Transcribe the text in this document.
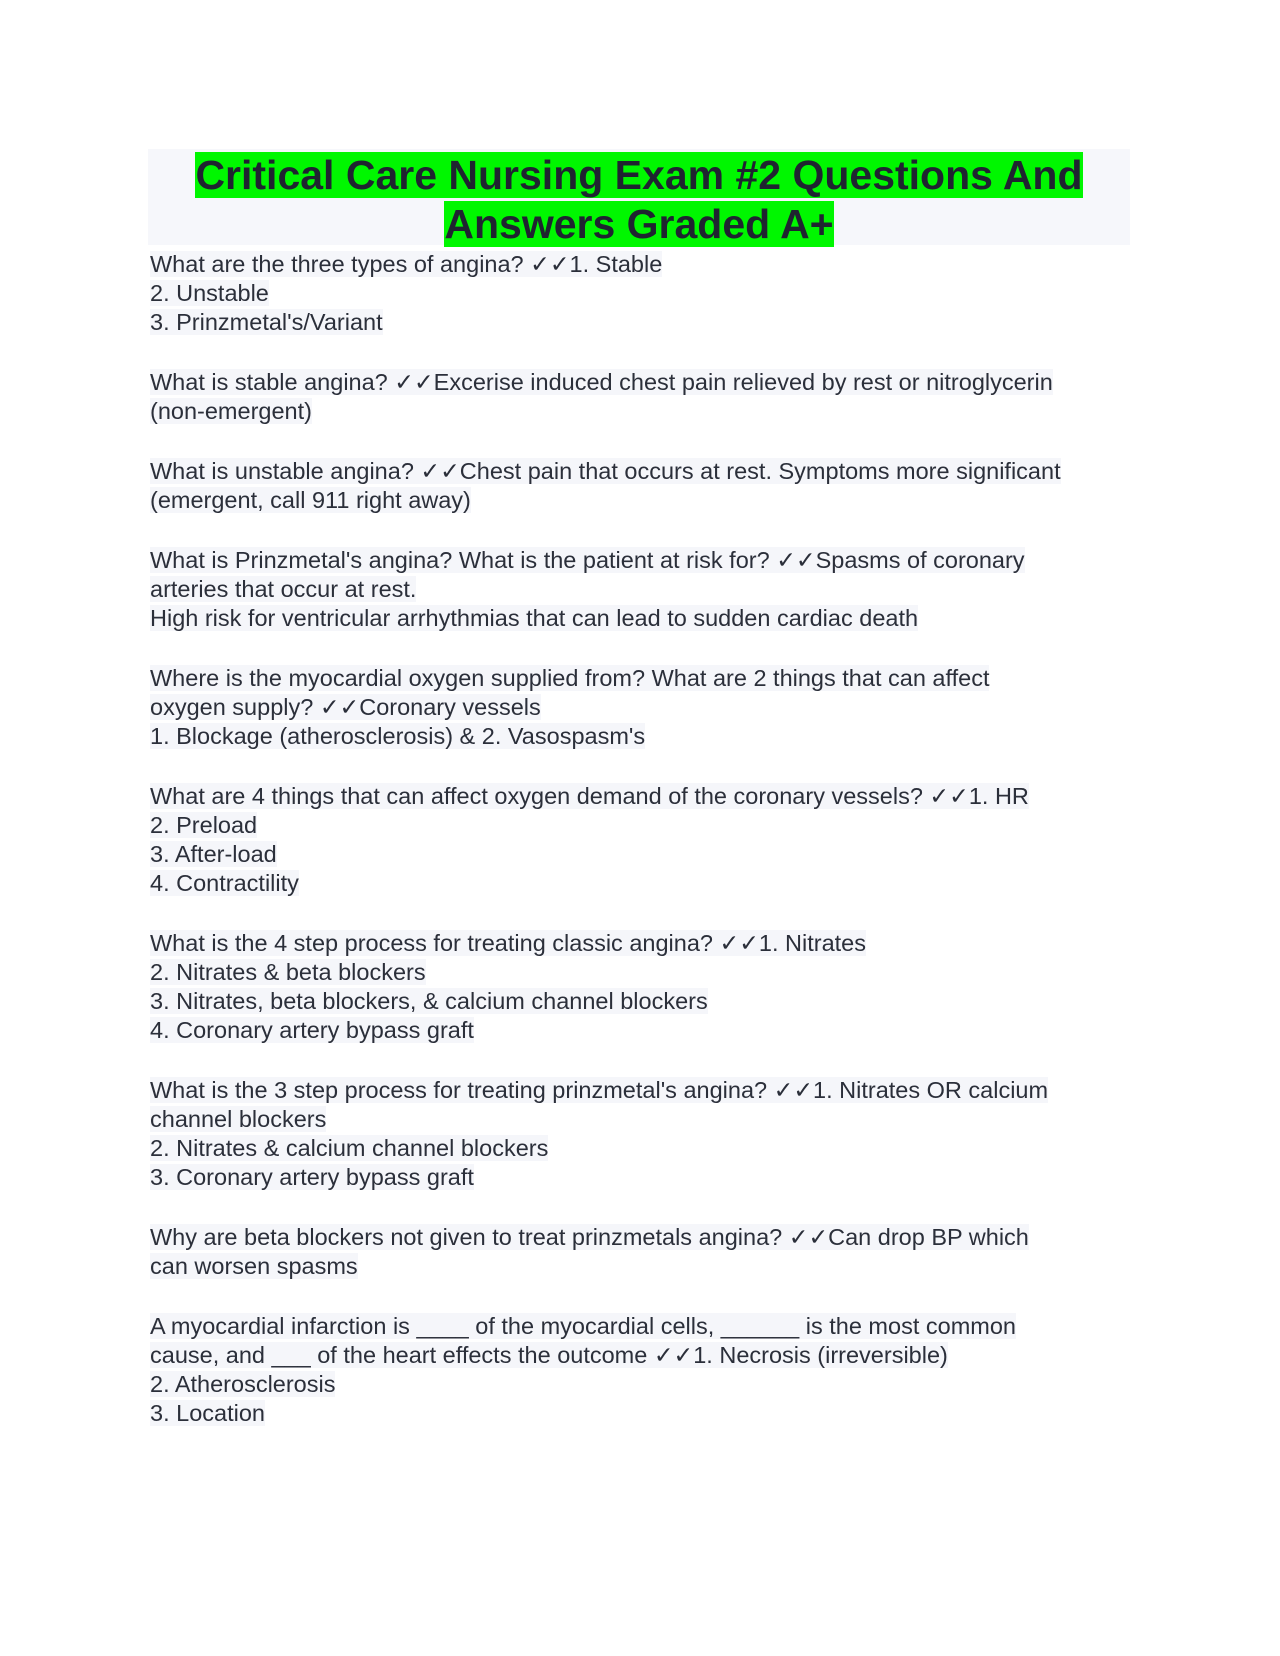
Critical Care Nursing Exam #2 Questions And
Answers Graded A+
What are the three types of angina? ✓✓1. Stable
2. Unstable
3. Prinzmetal's/Variant
What is stable angina? ✓✓Excerise induced chest pain relieved by rest or nitroglycerin
(non-emergent)
What is unstable angina? ✓✓Chest pain that occurs at rest. Symptoms more significant
(emergent, call 911 right away)
What is Prinzmetal's angina? What is the patient at risk for? ✓✓Spasms of coronary
arteries that occur at rest.
High risk for ventricular arrhythmias that can lead to sudden cardiac death
Where is the myocardial oxygen supplied from? What are 2 things that can affect
oxygen supply? ✓✓Coronary vessels
1. Blockage (atherosclerosis) & 2. Vasospasm's
What are 4 things that can affect oxygen demand of the coronary vessels? ✓✓1. HR
2. Preload
3. After-load
4. Contractility
What is the 4 step process for treating classic angina? ✓✓1. Nitrates
2. Nitrates & beta blockers
3. Nitrates, beta blockers, & calcium channel blockers
4. Coronary artery bypass graft
What is the 3 step process for treating prinzmetal's angina? ✓✓1. Nitrates OR calcium
channel blockers
2. Nitrates & calcium channel blockers
3. Coronary artery bypass graft
Why are beta blockers not given to treat prinzmetals angina? ✓✓Can drop BP which
can worsen spasms
A myocardial infarction is ____ of the myocardial cells, ______ is the most common
cause, and ___ of the heart effects the outcome ✓✓1. Necrosis (irreversible)
2. Atherosclerosis
3. Location
